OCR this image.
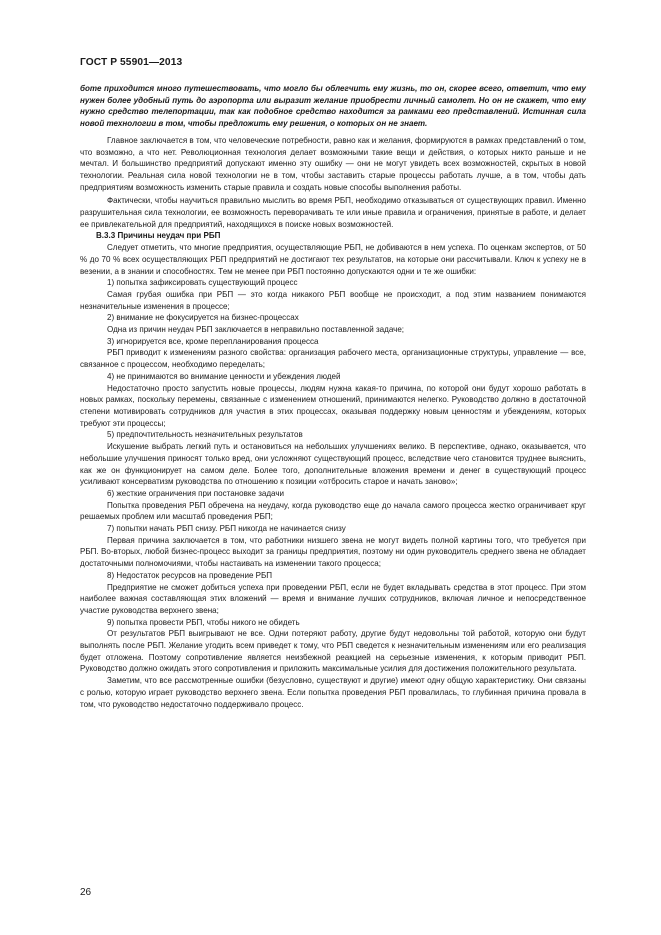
ГОСТ Р 55901—2013

боте приходится много путешествовать, что могло бы облегчить ему жизнь, то он, скорее всего, ответит, что ему нужен более удобный путь до аэропорта или выразит желание приобрести личный самолет. Но он не скажет, что ему нужно средство телепортации, так как подобное средство находится за рамками его представлений. Истинная сила новой технологии в том, чтобы предложить ему решения, о которых он не знает.

Главное заключается в том, что человеческие потребности, равно как и желания, формируются в рамках представлений о том, что возможно, а что нет. Революционная технология делает возможными такие вещи и действия, о которых никто раньше и не мечтал. И большинство предприятий допускают именно эту ошибку — они не могут увидеть всех возможностей, скрытых в новой технологии. Реальная сила новой технологии не в том, чтобы заставить старые процессы работать лучше, а в том, чтобы дать предприятиям возможность изменить старые правила и создать новые способы выполнения работы.

Фактически, чтобы научиться правильно мыслить во время РБП, необходимо отказываться от существующих правил. Именно разрушительная сила технологии, ее возможность переворачивать те или иные правила и ограничения, принятые в работе, и делает ее привлекательной для предприятий, находящихся в поиске новых возможностей.

В.3.3 Причины неудач при РБП

Следует отметить, что многие предприятия, осуществляющие РБП, не добиваются в нем успеха. По оценкам экспертов, от 50 % до 70 % всех осуществляющих РБП предприятий не достигают тех результатов, на которые они рассчитывали. Ключ к успеху не в везении, а в знании и способностях. Тем не менее при РБП постоянно допускаются одни и те же ошибки:

1) попытка зафиксировать существующий процесс

Самая грубая ошибка при РБП — это когда никакого РБП вообще не происходит, а под этим названием понимаются незначительные изменения в процессе;

2) внимание не фокусируется на бизнес-процессах

Одна из причин неудач РБП заключается в неправильно поставленной задаче;

3) игнорируется все, кроме перепланирования процесса

РБП приводит к изменениям разного свойства: организация рабочего места, организационные структуры, управление — все, связанное с процессом, необходимо переделать;

4) не принимаются во внимание ценности и убеждения людей

Недостаточно просто запустить новые процессы, людям нужна какая-то причина, по которой они будут хорошо работать в новых рамках, поскольку перемены, связанные с изменением отношений, принимаются нелегко. Руководство должно в достаточной степени мотивировать сотрудников для участия в этих процессах, оказывая поддержку новым ценностям и убеждениям, которых требуют эти процессы;

5) предпочтительность незначительных результатов

Искушение выбрать легкий путь и остановиться на небольших улучшениях велико. В перспективе, однако, оказывается, что небольшие улучшения приносят только вред, они усложняют существующий процесс, вследствие чего становится труднее выяснить, как же он функционирует на самом деле. Более того, дополнительные вложения времени и денег в существующий процесс усиливают консерватизм руководства по отношению к позиции «отбросить старое и начать заново»;

6) жесткие ограничения при постановке задачи

Попытка проведения РБП обречена на неудачу, когда руководство еще до начала самого процесса жестко ограничивает круг решаемых проблем или масштаб проведения РБП;

7) попытки начать РБП снизу. РБП никогда не начинается снизу

Первая причина заключается в том, что работники низшего звена не могут видеть полной картины того, что требуется при РБП. Во-вторых, любой бизнес-процесс выходит за границы предприятия, поэтому ни один руководитель среднего звена не обладает достаточными полномочиями, чтобы настаивать на изменении такого процесса;

8) Недостаток ресурсов на проведение РБП

Предприятие не сможет добиться успеха при проведении РБП, если не будет вкладывать средства в этот процесс. При этом наиболее важная составляющая этих вложений — время и внимание лучших сотрудников, включая личное и непосредственное участие руководства верхнего звена;

9) попытка провести РБП, чтобы никого не обидеть

От результатов РБП выигрывают не все. Одни потеряют работу, другие будут недовольны той работой, которую они будут выполнять после РБП. Желание угодить всем приведет к тому, что РБП сведется к незначительным изменениям или его реализация будет отложена. Поэтому сопротивление является неизбежной реакцией на серьезные изменения, к которым приводит РБП. Руководство должно ожидать этого сопротивления и приложить максимальные усилия для достижения положительного результата.

Заметим, что все рассмотренные ошибки (безусловно, существуют и другие) имеют одну общую характеристику. Они связаны с ролью, которую играет руководство верхнего звена. Если попытка проведения РБП провалилась, то глубинная причина провала в том, что руководство недостаточно поддерживало процесс.

26
